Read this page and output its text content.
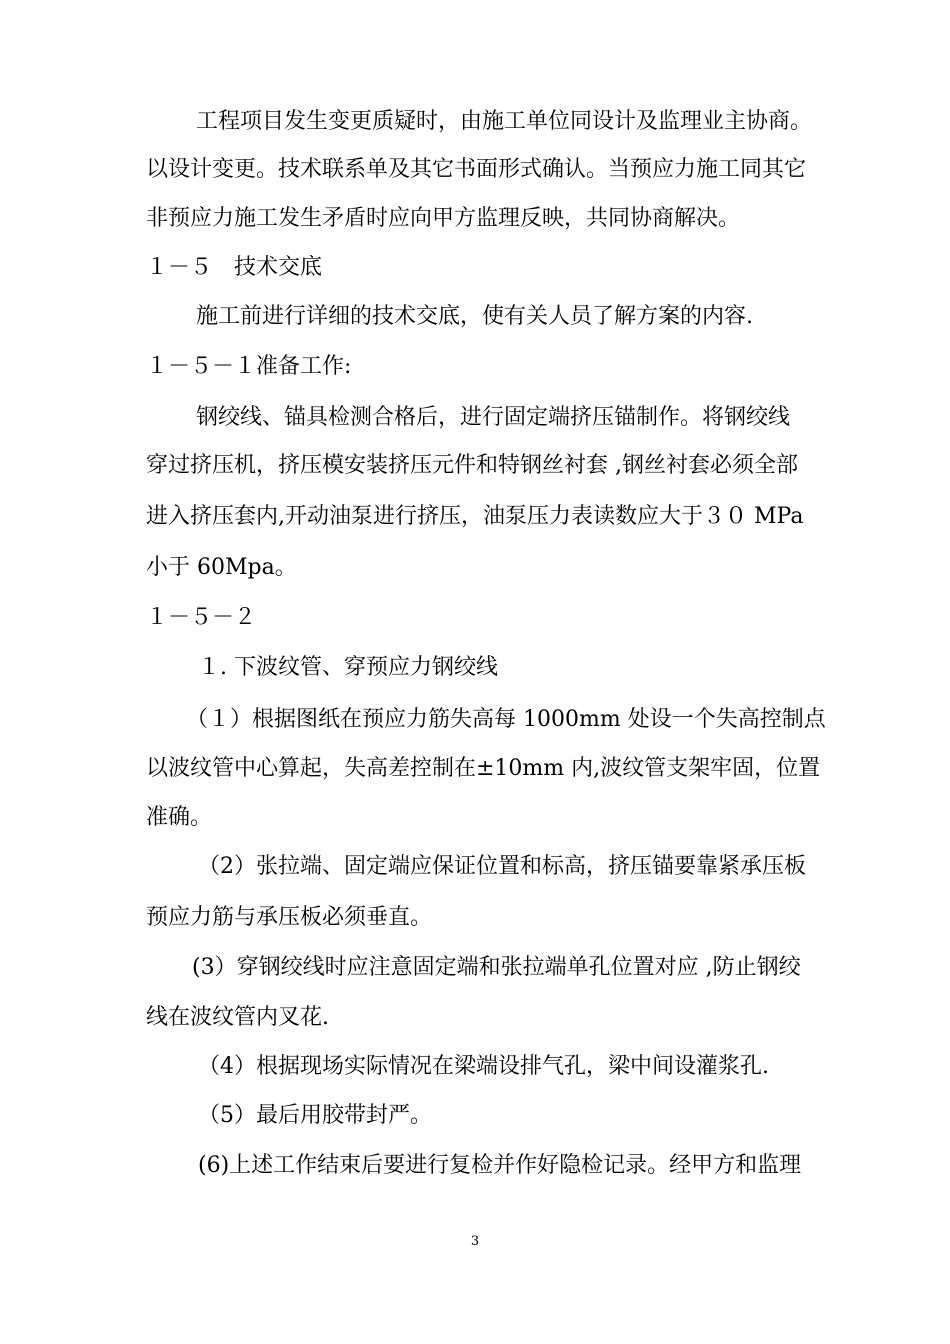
工程项目发生变更质疑时，由施工单位同设计及监理业主协商。
以设计变更。技术联系单及其它书面形式确认。当预应力施工同其它
非预应力施工发生矛盾时应向甲方监理反映，共同协商解决。
１－５　技术交底
施工前进行详细的技术交底，使有关人员了解方案的内容.
１－５－１准备工作:
钢绞线、锚具检测合格后，进行固定端挤压锚制作。将钢绞线
穿过挤压机，挤压模安装挤压元件和特钢丝衬套 ,钢丝衬套必须全部
进入挤压套内,开动油泵进行挤压，油泵压力表读数应大于３０ MPa
小于 60Mpa。
１－５－２
１. 下波纹管、穿预应力钢绞线
（１）根据图纸在预应力筋失高每 1000mm 处设一个失高控制点
以波纹管中心算起，失高差控制在±10mm 内,波纹管支架牢固，位置
准确。
（2）张拉端、固定端应保证位置和标高，挤压锚要靠紧承压板
预应力筋与承压板必须垂直。
(3）穿钢绞线时应注意固定端和张拉端单孔位置对应 ,防止钢绞
线在波纹管内叉花.
（4）根据现场实际情况在梁端设排气孔，梁中间设灌浆孔.
（5）最后用胶带封严。
(6)上述工作结束后要进行复检并作好隐检记录。经甲方和监理
3
